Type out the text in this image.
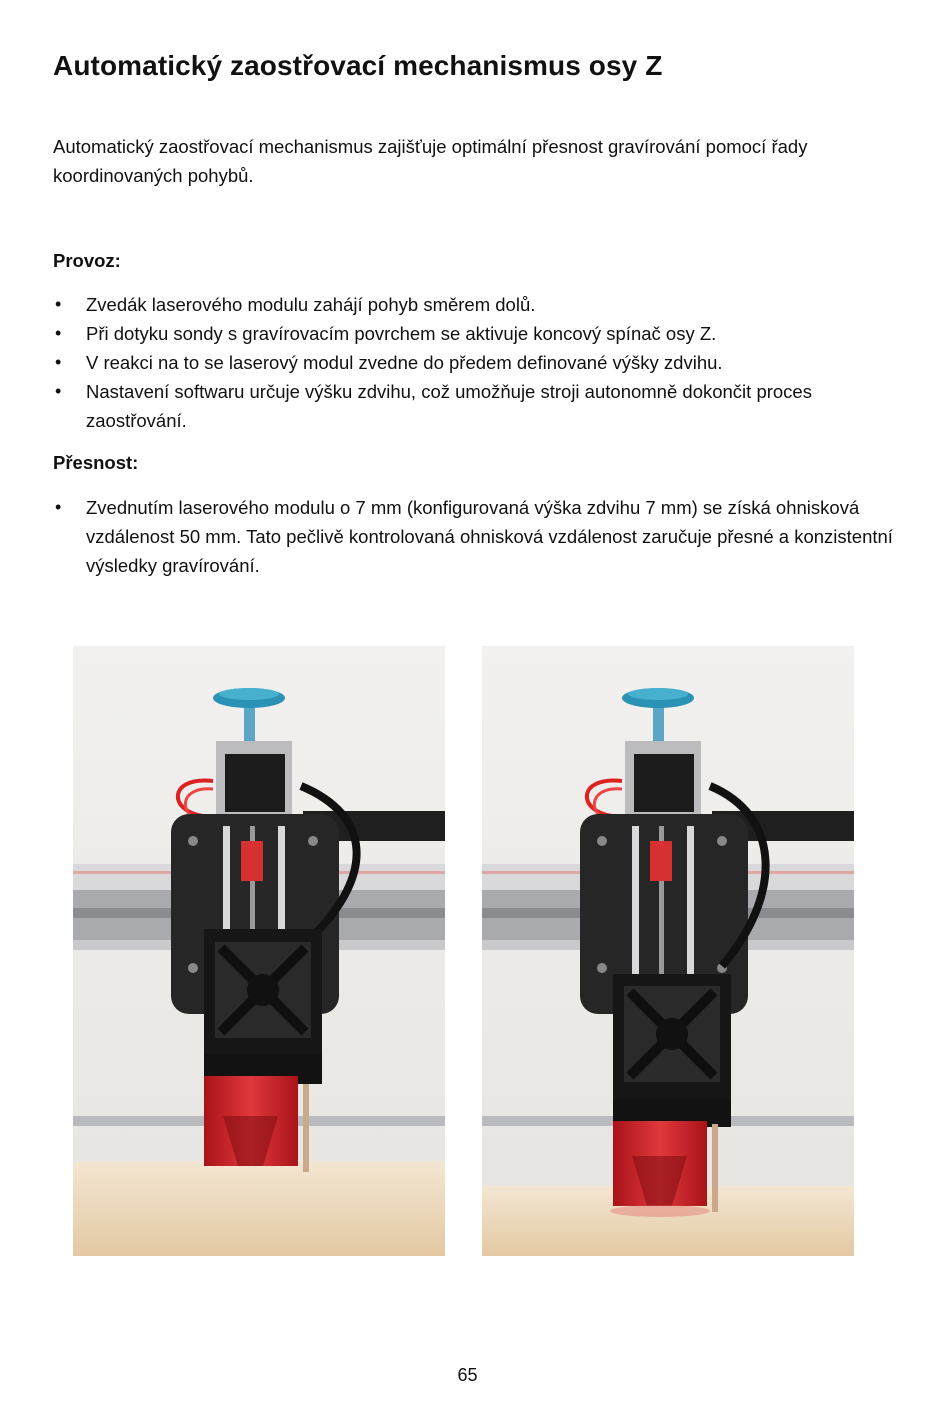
Automatický zaostřovací mechanismus osy Z

Automatický zaostřovací mechanismus zajišťuje optimální přesnost gravírování pomocí řady koordinovaných pohybů.

Provoz:
• Zvedák laserového modulu zahájí pohyb směrem dolů.
• Při dotyku sondy s gravírovacím povrchem se aktivuje koncový spínač osy Z.
• V reakci na to se laserový modul zvedne do předem definované výšky zdvihu.
• Nastavení softwaru určuje výšku zdvihu, což umožňuje stroji autonomně dokončit proces zaostřování.
Přesnost:
• Zvednutím laserového modulu o 7 mm (konfigurovaná výška zdvihu 7 mm) se získá ohnisková vzdálenost 50 mm. Tato pečlivě kontrolovaná ohnisková vzdálenost zaručuje přesné a konzistentní výsledky gravírování.
65
